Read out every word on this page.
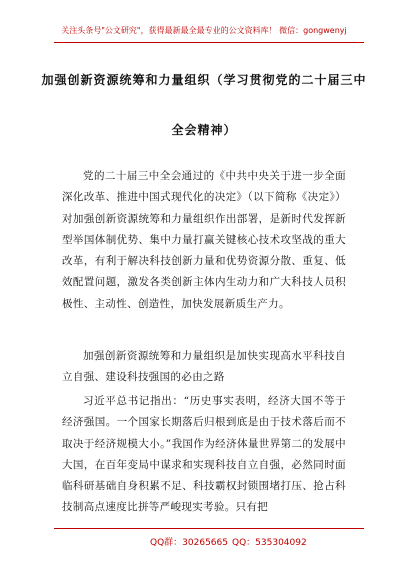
关注头条号"公文研究"，获得最新最全最专业的公文资料库！ 微信：gongwenyj
加强创新资源统筹和力量组织（学习贯彻党的二十届三中
全会精神）
党的二十届三中全会通过的《中共中央关于进一步全面深化改革、推进中国式现代化的决定》（以下简称《决定》）对加强创新资源统筹和力量组织作出部署，是新时代发挥新型举国体制优势、集中力量打赢关键核心技术攻坚战的重大改革，有利于解决科技创新力量和优势资源分散、重复、低效配置问题，激发各类创新主体内生动力和广大科技人员积极性、主动性、创造性，加快发展新质生产力。
加强创新资源统筹和力量组织是加快实现高水平科技自立自强、建设科技强国的必由之路
习近平总书记指出：“历史事实表明，经济大国不等于经济强国。一个国家长期落后归根到底是由于技术落后而不取决于经济规模大小。”我国作为经济体量世界第二的发展中大国，在百年变局中谋求和实现科技自立自强，必然同时面临科研基础自身积累不足、科技霸权封锁围堵打压、抢占科技制高点速度比拼等严峻现实考验。只有把
QQ群：30265665 QQ：535304092
